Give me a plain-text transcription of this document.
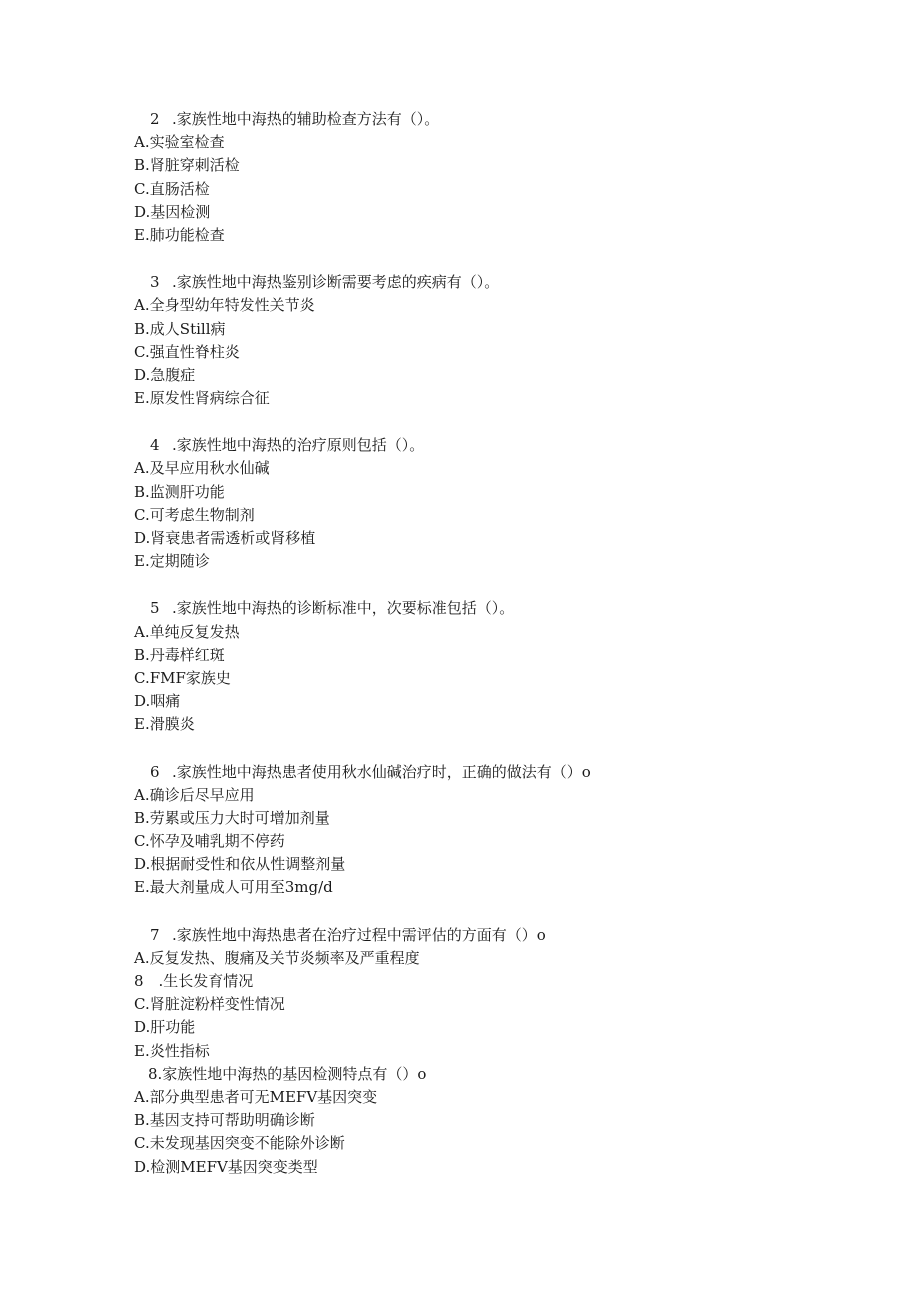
2 .家族性地中海热的辅助检查方法有（）。
A.实验室检查
B.肾脏穿刺活检
C.直肠活检
D.基因检测
E.肺功能检查
3 .家族性地中海热鉴别诊断需要考虑的疾病有（）。
A.全身型幼年特发性关节炎
B.成人Still病
C.强直性脊柱炎
D.急腹症
E.原发性肾病综合征
4 .家族性地中海热的治疗原则包括（）。
A.及早应用秋水仙碱
B.监测肝功能
C.可考虑生物制剂
D.肾衰患者需透析或肾移植
E.定期随诊
5 .家族性地中海热的诊断标准中，次要标准包括（）。
A.单纯反复发热
B.丹毒样红斑
C.FMF家族史
D.咽痛
E.滑膜炎
6 .家族性地中海热患者使用秋水仙碱治疗时，正确的做法有（）o
A.确诊后尽早应用
B.劳累或压力大时可增加剂量
C.怀孕及哺乳期不停药
D.根据耐受性和依从性调整剂量
E.最大剂量成人可用至3mg/d
7 .家族性地中海热患者在治疗过程中需评估的方面有（）o
A.反复发热、腹痛及关节炎频率及严重程度
8　.生长发育情况
C.肾脏淀粉样变性情况
D.肝功能
E.炎性指标
8.家族性地中海热的基因检测特点有（）o
A.部分典型患者可无MEFV基因突变
B.基因支持可帮助明确诊断
C.未发现基因突变不能除外诊断
D.检测MEFV基因突变类型
